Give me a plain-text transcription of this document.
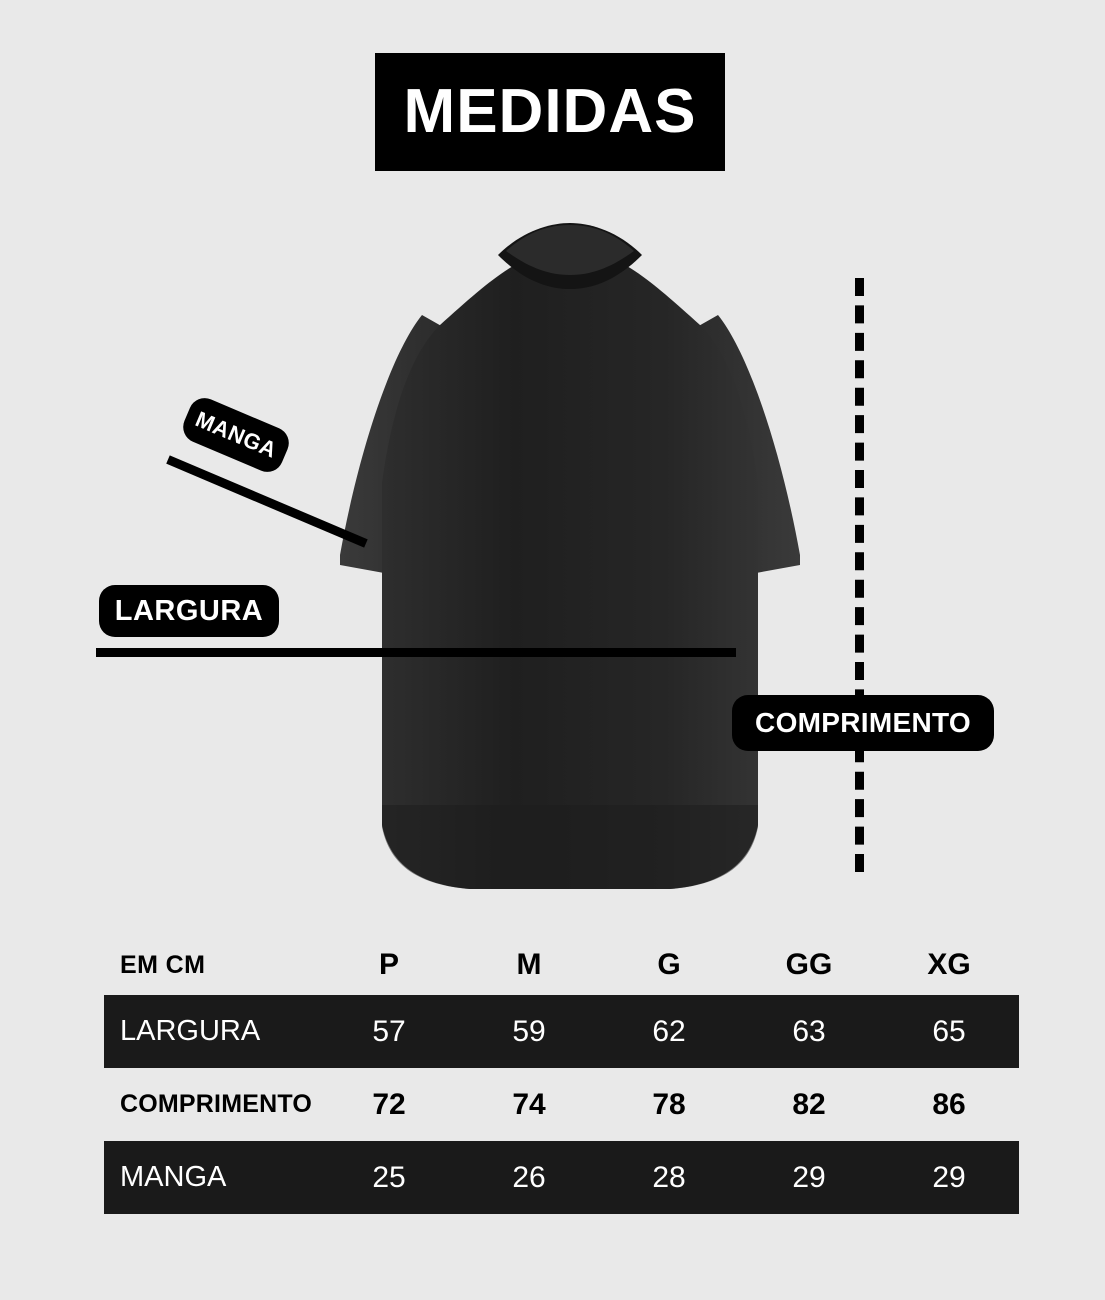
MEDIDAS
LARGURA
COMPRIMENTO
MANGA
EM CM	P	M	G	GG	XG
LARGURA	57	59	62	63	65
COMPRIMENTO	72	74	78	82	86
MANGA	25	26	28	29	29
